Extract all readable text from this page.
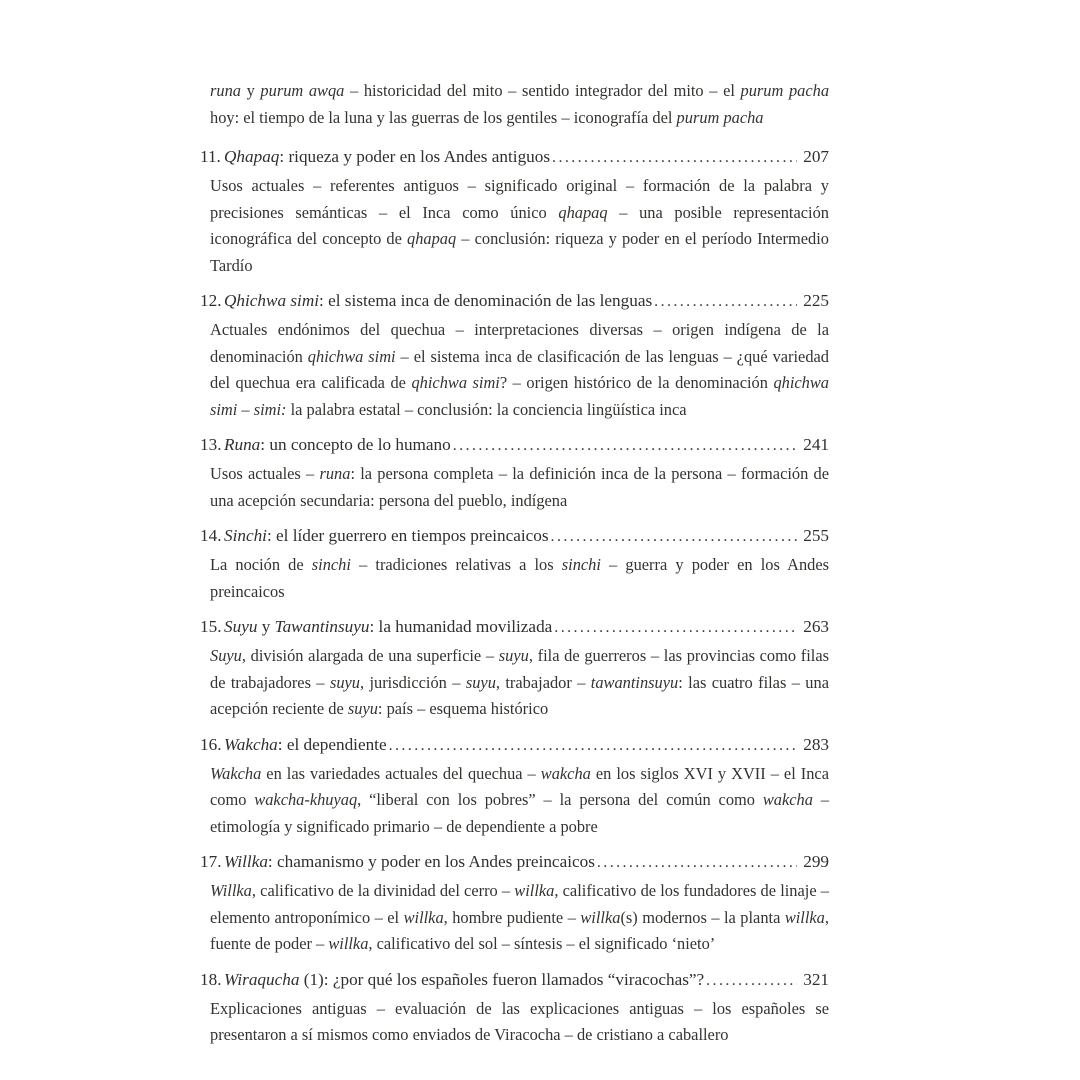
runa y purum awqa – historicidad del mito – sentido integrador del mito – el purum pacha hoy: el tiempo de la luna y las guerras de los gentiles – iconografía del purum pacha

11. Qhapaq: riqueza y poder en los Andes antiguos .....	207

Usos actuales – referentes antiguos – significado original – formación de la palabra y precisiones semánticas – el Inca como único qhapaq – una posible representación iconográfica del concepto de qhapaq – conclusión: riqueza y poder en el período Intermedio Tardío

12. Qhichwa simi: el sistema inca de denominación de las lenguas .....	225

Actuales endónimos del quechua – interpretaciones diversas – origen indígena de la denominación qhichwa simi – el sistema inca de clasificación de las lenguas – ¿qué variedad del quechua era calificada de qhichwa simi? – origen histórico de la denominación qhichwa simi – simi: la palabra estatal – conclusión: la conciencia lingüística inca

13. Runa: un concepto de lo humano .....	241

Usos actuales – runa: la persona completa – la definición inca de la persona – formación de una acepción secundaria: persona del pueblo, indígena

14. Sinchi: el líder guerrero en tiempos preincaicos .....	255

La noción de sinchi – tradiciones relativas a los sinchi – guerra y poder en los Andes preincaicos

15. Suyu y Tawantinsuyu: la humanidad movilizada .....	263

Suyu, división alargada de una superficie – suyu, fila de guerreros – las provincias como filas de trabajadores – suyu, jurisdicción – suyu, trabajador – tawantinsuyu: las cuatro filas – una acepción reciente de suyu: país – esquema histórico

16. Wakcha: el dependiente .....	283

Wakcha en las variedades actuales del quechua – wakcha en los siglos XVI y XVII – el Inca como wakcha-khuyaq, “liberal con los pobres” – la persona del común como wakcha – etimología y significado primario – de dependiente a pobre

17. Willka: chamanismo y poder en los Andes preincaicos .....	299

Willka, calificativo de la divinidad del cerro – willka, calificativo de los fundadores de linaje – elemento antroponímico – el willka, hombre pudiente – willka(s) modernos – la planta willka, fuente de poder – willka, calificativo del sol – síntesis – el significado ‘nieto’

18. Wiraqucha (1): ¿por qué los españoles fueron llamados “viracochas”? .....	321

Explicaciones antiguas – evaluación de las explicaciones antiguas – los españoles se presentaron a sí mismos como enviados de Viracocha – de cristiano a caballero
